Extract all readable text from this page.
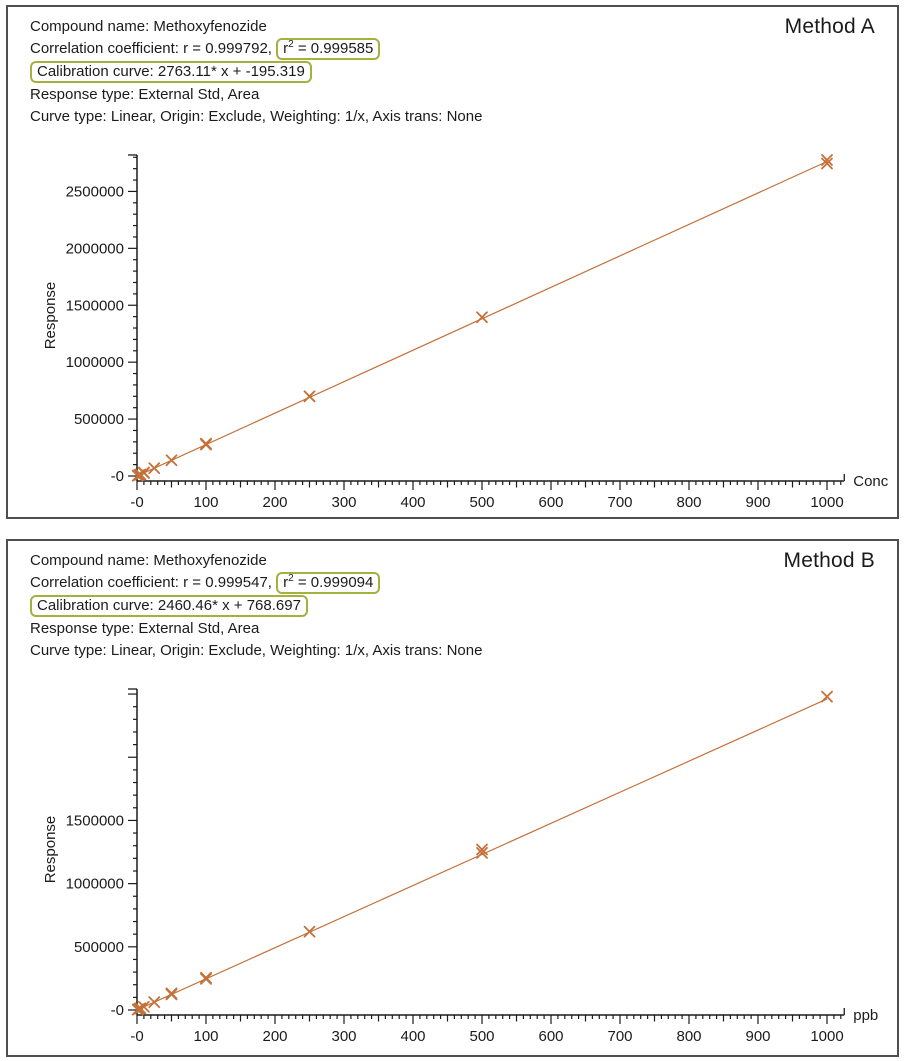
Compound name: Methoxyfenozide
Correlation coefficient: r = 0.999792, $r^2 = 0.999585$
Calibration curve: 2763.11* x + -195.319
Response type: External Std, Area
Curve type: Linear, Origin: Exclude, Weighting: 1/x, Axis trans: None
Method A
-0	100	200	300	400	500	600	700	800	900	1000
-0
500000
1000000
1500000
2000000
2500000
Response
Conc
Compound name: Methoxyfenozide
Correlation coefficient: r = 0.999547, $r^2 = 0.999094$
Calibration curve: 2460.46* x + 768.697
Response type: External Std, Area
Curve type: Linear, Origin: Exclude, Weighting: 1/x, Axis trans: None
Method B
-0	100	200	300	400	500	600	700	800	900	1000
-0
500000
1000000
1500000
Response
ppb
